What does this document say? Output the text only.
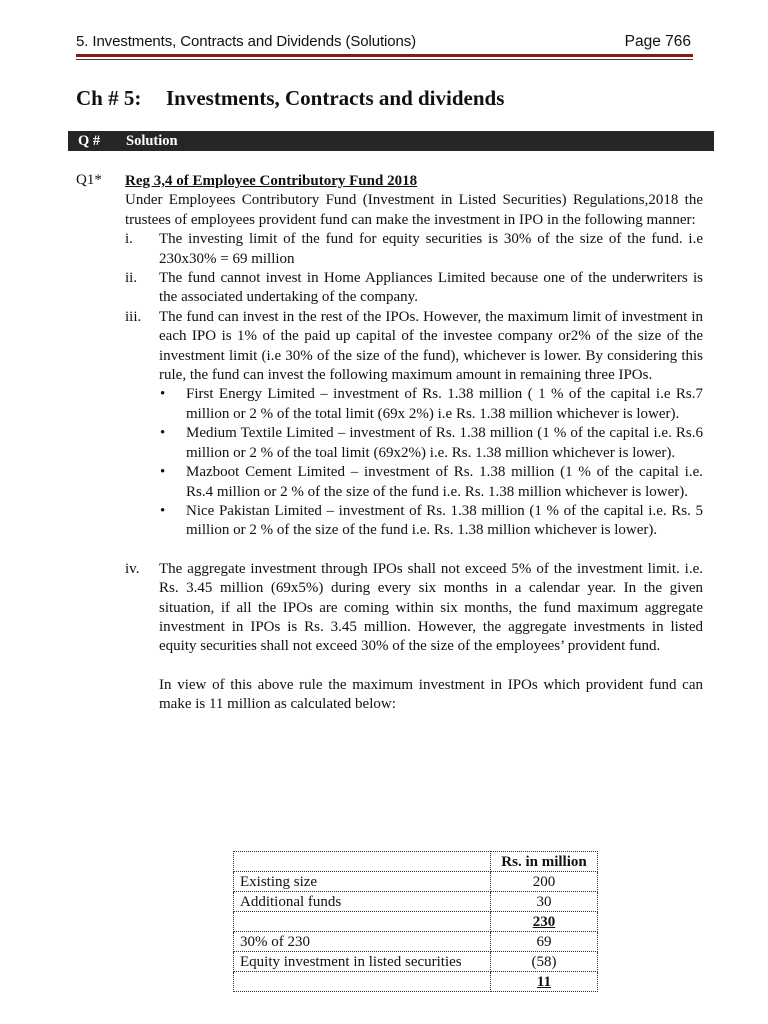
5. Investments, Contracts and Dividends (Solutions)	Page 766
Ch # 5: Investments, Contracts and dividends
Q # Solution
Q1* Reg 3,4 of Employee Contributory Fund 2018

Under Employees Contributory Fund (Investment in Listed Securities) Regulations,2018 the trustees of employees provident fund can make the investment in IPO in the following manner:

i. The investing limit of the fund for equity securities is 30% of the size of the fund. i.e 230x30% = 69 million

ii. The fund cannot invest in Home Appliances Limited because one of the underwriters is the associated undertaking of the company.

iii. The fund can invest in the rest of the IPOs. However, the maximum limit of investment in each IPO is 1% of the paid up capital of the investee company or2% of the size of the investment limit (i.e 30% of the size of the fund), whichever is lower. By considering this rule, the fund can invest the following maximum amount in remaining three IPOs.

• First Energy Limited – investment of Rs. 1.38 million ( 1 % of the capital i.e Rs.7 million or 2 % of the total limit (69x 2%) i.e Rs. 1.38 million whichever is lower).
• Medium Textile Limited – investment of Rs. 1.38 million (1 % of the capital i.e. Rs.6 million or 2 % of the toal limit (69x2%) i.e. Rs. 1.38 million whichever is lower).
• Mazboot Cement Limited – investment of Rs. 1.38 million (1 % of the capital i.e. Rs.4 million or 2 % of the size of the fund i.e. Rs. 1.38 million whichever is lower).
• Nice Pakistan Limited – investment of Rs. 1.38 million (1 % of the capital i.e. Rs. 5 million or 2 % of the size of the fund i.e. Rs. 1.38 million whichever is lower).
iv. The aggregate investment through IPOs shall not exceed 5% of the investment limit. i.e. Rs. 3.45 million (69x5%) during every six months in a calendar year. In the given situation, if all the IPOs are coming within six months, the fund maximum aggregate investment in IPOs is Rs. 3.45 million. However, the aggregate investments in listed equity securities shall not exceed 30% of the size of the employees’ provident fund.

In view of this above rule the maximum investment in IPOs which provident fund can make is 11 million as calculated below:

	Rs. in million
Existing size	200
Additional funds	30
	230
30% of 230	69
Equity investment in listed securities	(58)
	11
